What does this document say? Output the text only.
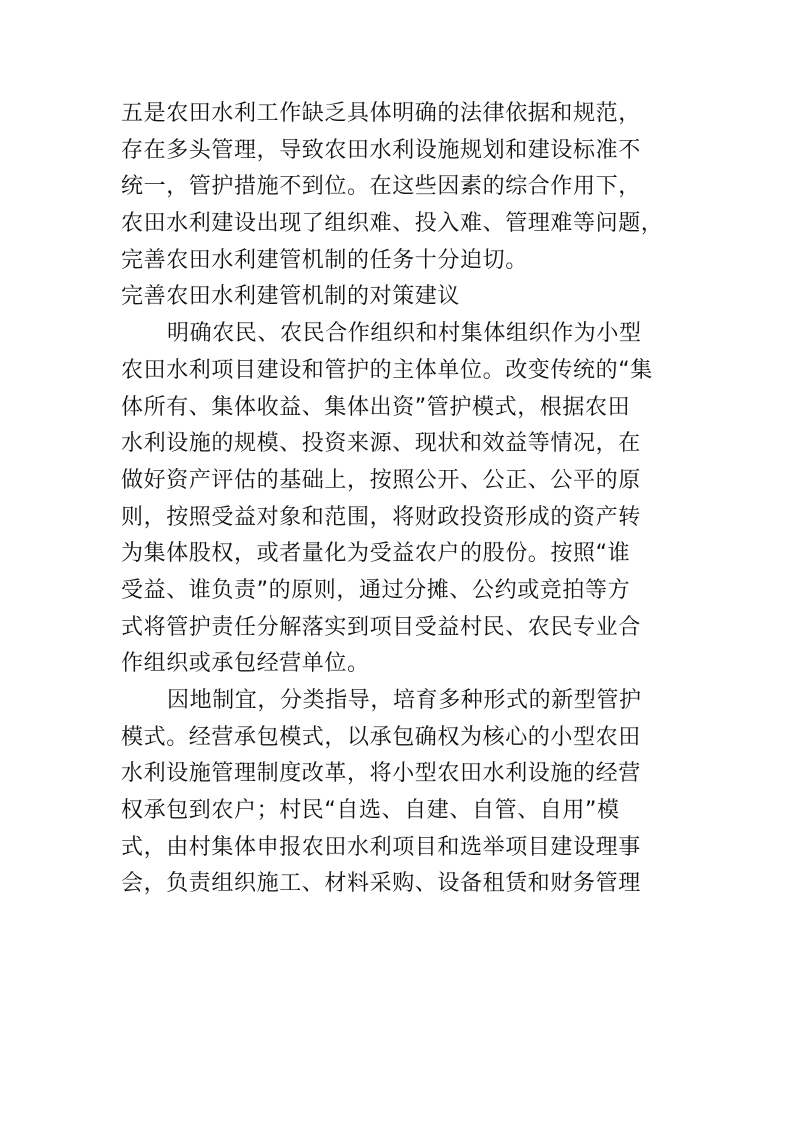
五是农田水利工作缺乏具体明确的法律依据和规范，
存在多头管理，导致农田水利设施规划和建设标准不
统一，管护措施不到位。在这些因素的综合作用下，
农田水利建设出现了组织难、投入难、管理难等问题，
完善农田水利建管机制的任务十分迫切。
完善农田水利建管机制的对策建议
明确农民、农民合作组织和村集体组织作为小型
农田水利项目建设和管护的主体单位。改变传统的“集
体所有、集体收益、集体出资”管护模式，根据农田
水利设施的规模、投资来源、现状和效益等情况，在
做好资产评估的基础上，按照公开、公正、公平的原
则，按照受益对象和范围，将财政投资形成的资产转
为集体股权，或者量化为受益农户的股份。按照“谁
受益、谁负责”的原则，通过分摊、公约或竞拍等方
式将管护责任分解落实到项目受益村民、农民专业合
作组织或承包经营单位。
因地制宜，分类指导，培育多种形式的新型管护
模式。经营承包模式，以承包确权为核心的小型农田
水利设施管理制度改革，将小型农田水利设施的经营
权承包到农户；村民“自选、自建、自管、自用”模
式，由村集体申报农田水利项目和选举项目建设理事
会，负责组织施工、材料采购、设备租赁和财务管理
